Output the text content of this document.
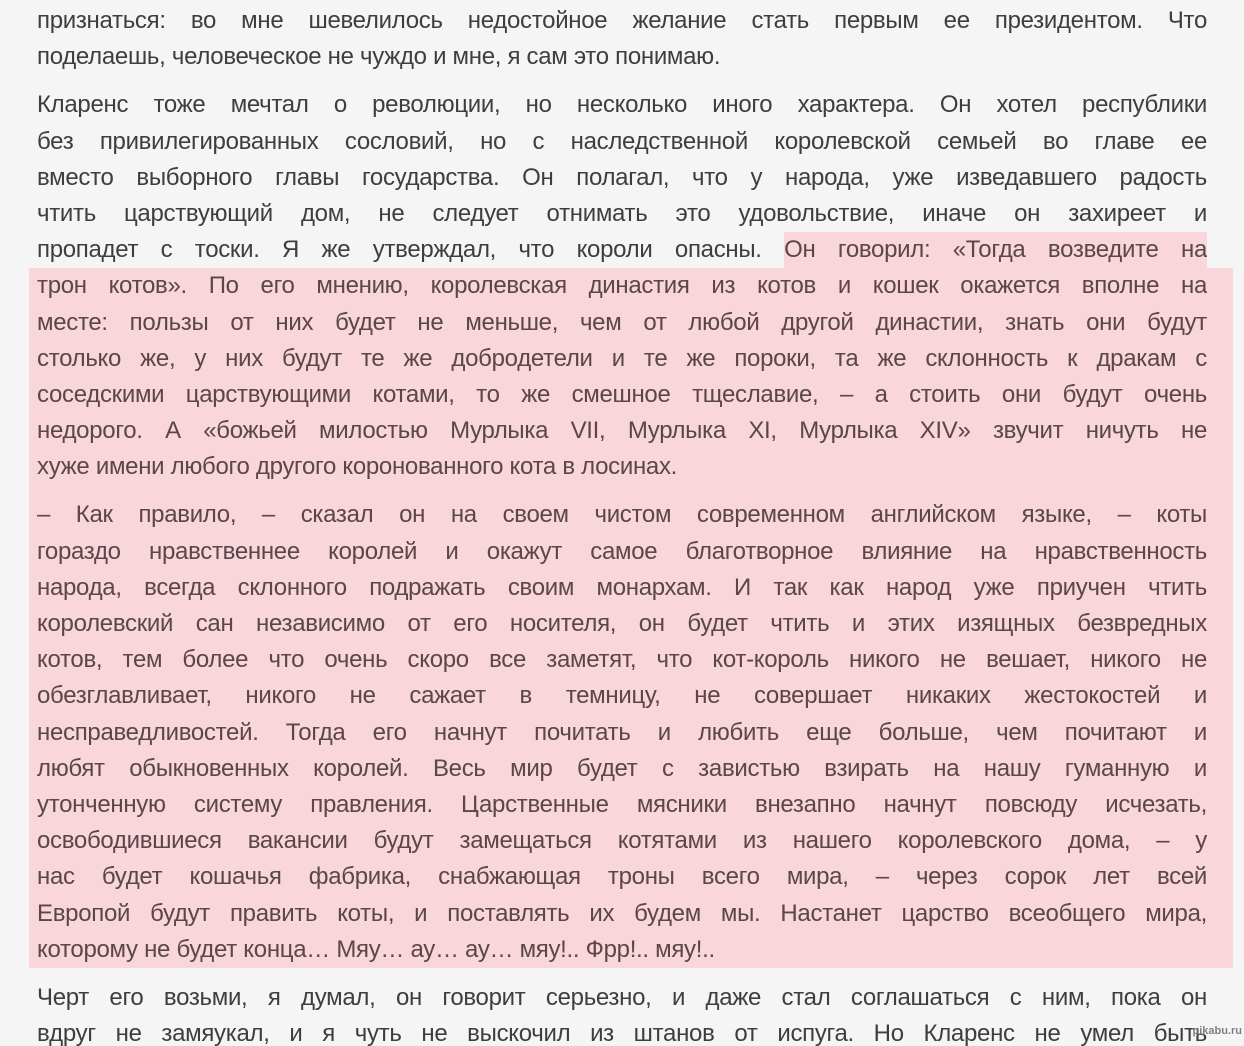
признаться: во мне шевелилось недостойное желание стать первым ее президентом. Что
поделаешь, человеческое не чуждо и мне, я сам это понимаю.
Кларенс тоже мечтал о революции, но несколько иного характера. Он хотел республики
без привилегированных сословий, но с наследственной королевской семьей во главе ее
вместо выборного главы государства. Он полагал, что у народа, уже изведавшего радость
чтить царствующий дом, не следует отнимать это удовольствие, иначе он захиреет и
пропадет с тоски. Я же утверждал, что короли опасны. Он говорил: «Тогда возведите на
трон котов». По его мнению, королевская династия из котов и кошек окажется вполне на
месте: пользы от них будет не меньше, чем от любой другой династии, знать они будут
столько же, у них будут те же добродетели и те же пороки, та же склонность к дракам с
соседскими царствующими котами, то же смешное тщеславие, – а стоить они будут очень
недорого. А «божьей милостью Мурлыка VII, Мурлыка XI, Мурлыка XIV» звучит ничуть не
хуже имени любого другого коронованного кота в лосинах.
– Как правило, – сказал он на своем чистом современном английском языке, – коты
гораздо нравственнее королей и окажут самое благотворное влияние на нравственность
народа, всегда склонного подражать своим монархам. И так как народ уже приучен чтить
королевский сан независимо от его носителя, он будет чтить и этих изящных безвредных
котов, тем более что очень скоро все заметят, что кот-король никого не вешает, никого не
обезглавливает, никого не сажает в темницу, не совершает никаких жестокостей и
несправедливостей. Тогда его начнут почитать и любить еще больше, чем почитают и
любят обыкновенных королей. Весь мир будет с завистью взирать на нашу гуманную и
утонченную систему правления. Царственные мясники внезапно начнут повсюду исчезать,
освободившиеся вакансии будут замещаться котятами из нашего королевского дома, – у
нас будет кошачья фабрика, снабжающая троны всего мира, – через сорок лет всей
Европой будут править коты, и поставлять их будем мы. Настанет царство всеобщего мира,
которому не будет конца… Мяу… ау… ау… мяу!.. Фрр!.. мяу!..
Черт его возьми, я думал, он говорит серьезно, и даже стал соглашаться с ним, пока он
вдруг не замяукал, и я чуть не выскочил из штанов от испуга. Но Кларенс не умел быть
pikabu.ru
